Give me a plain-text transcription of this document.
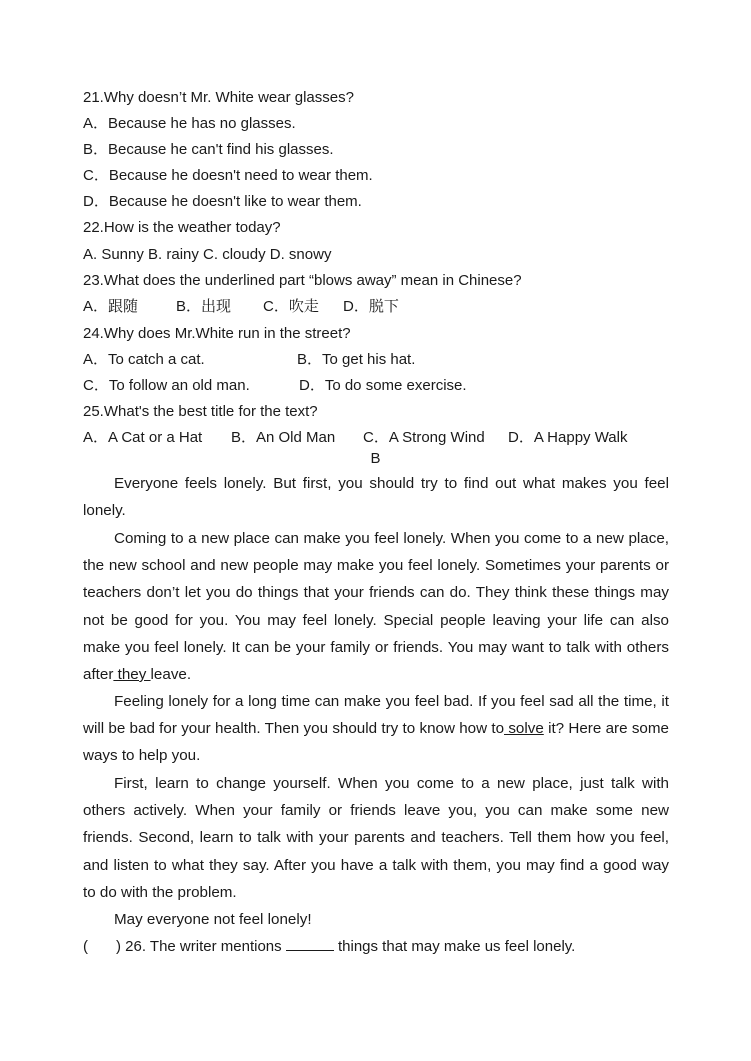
21.Why doesn’t Mr. White wear glasses?
A．Because he has no glasses.
B．Because he can't find his glasses.
C．Because he doesn't need to wear them.
D．Because he doesn't like to wear them.
22.How is the weather today?
A. Sunny B. rainy C. cloudy D. snowy
23.What does the underlined part “blows away” mean in Chinese?
A．跟随	B．出现 C．吹走 D．脱下
24.Why does Mr.White run in the street?
A．To catch a cat.	B．To get his hat.
C．To follow an old man.	D．To do some exercise.
25.What's the best title for the text?
A．A Cat or a Hat B．An Old Man C．A Strong Wind D．A Happy Walk
B

Everyone feels lonely. But first, you should try to find out what makes you feel lonely.

Coming to a new place can make you feel lonely. When you come to a new place, the new school and new people may make you feel lonely. Sometimes your parents or teachers don’t let you do things that your friends can do. They think these things may not be good for you. You may feel lonely. Special people leaving your life can also make you feel lonely. It can be your family or friends. You may want to talk with others after they leave.

Feeling lonely for a long time can make you feel bad. If you feel sad all the time, it will be bad for your health. Then you should try to know how to solve it? Here are some ways to help you.

First, learn to change yourself. When you come to a new place, just talk with others actively. When your family or friends leave you, you can make some new friends. Second, learn to talk with your parents and teachers. Tell them how you feel, and listen to what they say. After you have a talk with them, you may find a good way to do with the problem.

May everyone not feel lonely!

( ) 26. The writer mentions	things that may make us feel lonely.
